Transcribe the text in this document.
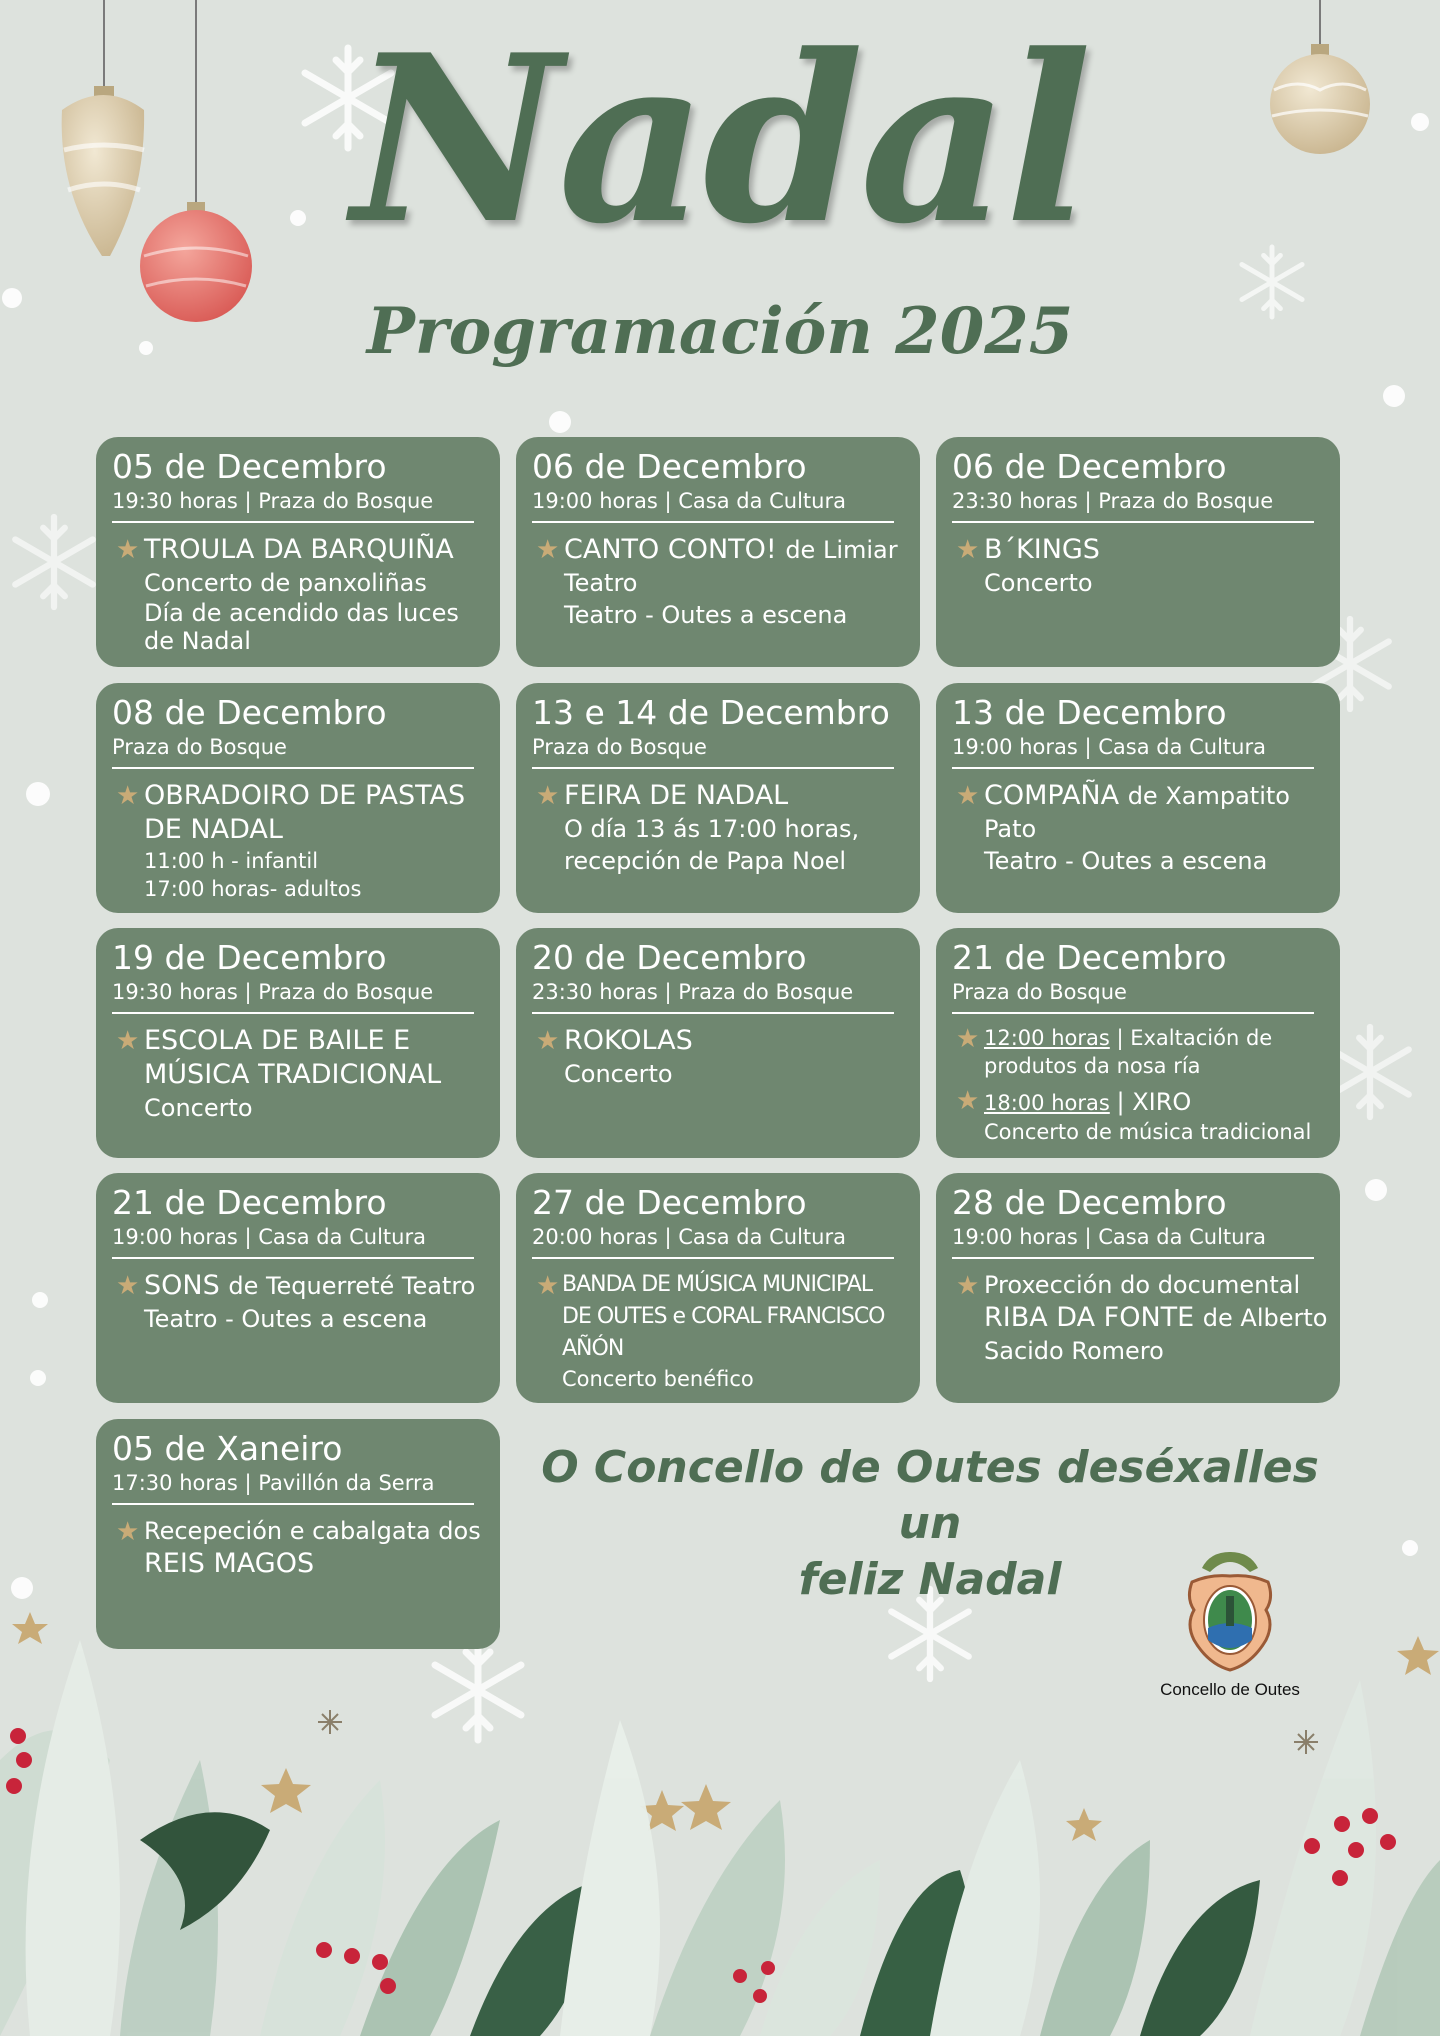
Nadal
Programación 2025
05 de Decembro
19:30 horas | Praza do Bosque
★ TROULA DA BARQUIÑA
Concerto de panxoliñas
Día de acendido das luces
de Nadal
06 de Decembro
19:00 horas | Casa da Cultura
★ CANTO CONTO! de Limiar
Teatro
Teatro - Outes a escena
06 de Decembro
23:30 horas | Praza do Bosque
★ B´KINGS
Concerto
08 de Decembro
Praza do Bosque
★ OBRADOIRO DE PASTAS
DE NADAL
11:00 h - infantil
17:00 horas- adultos
13 e 14 de Decembro
Praza do Bosque
★ FEIRA DE NADAL
O día 13 ás 17:00 horas,
recepción de Papa Noel
13 de Decembro
19:00 horas | Casa da Cultura
★ COMPAÑA de Xampatito
Pato
Teatro - Outes a escena
19 de Decembro
19:30 horas | Praza do Bosque
★ ESCOLA DE BAILE E
MÚSICA TRADICIONAL
Concerto
20 de Decembro
23:30 horas | Praza do Bosque
★ ROKOLAS
Concerto
21 de Decembro
Praza do Bosque
★ 12:00 horas | Exaltación de
produtos da nosa ría
★ 18:00 horas | XIRO
Concerto de música tradicional
21 de Decembro
19:00 horas | Casa da Cultura
★ SONS de Tequerreté Teatro
Teatro - Outes a escena
27 de Decembro
20:00 horas | Casa da Cultura
★ BANDA DE MÚSICA MUNICIPAL
DE OUTES e CORAL FRANCISCO
AÑÓN
Concerto benéfico
28 de Decembro
19:00 horas | Casa da Cultura
★ Proxección do documental
RIBA DA FONTE de Alberto
Sacido Romero
05 de Xaneiro
17:30 horas | Pavillón da Serra
★ Recepeción e cabalgata dos
REIS MAGOS
O Concello de Outes deséxalles un
feliz Nadal
Concello de Outes
